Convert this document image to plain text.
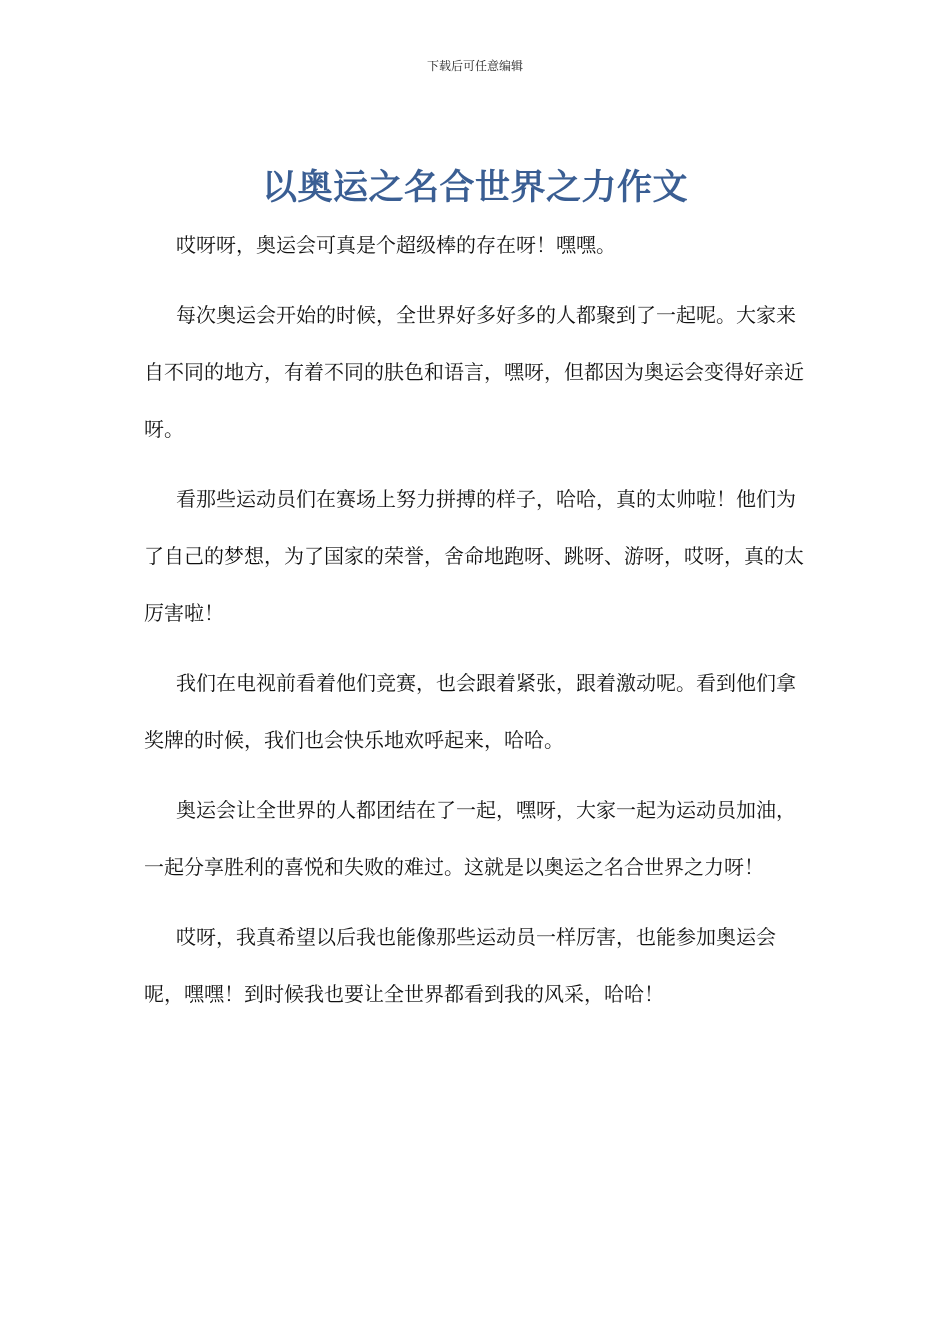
下载后可任意编辑
以奥运之名合世界之力作文

哎呀呀，奥运会可真是个超级棒的存在呀！嘿嘿。

每次奥运会开始的时候，全世界好多好多的人都聚到了一起呢。大家来自不同的地方，有着不同的肤色和语言，嘿呀，但都因为奥运会变得好亲近呀。

看那些运动员们在赛场上努力拼搏的样子，哈哈，真的太帅啦！他们为了自己的梦想，为了国家的荣誉，舍命地跑呀、跳呀、游呀，哎呀，真的太厉害啦！

我们在电视前看着他们竞赛，也会跟着紧张，跟着激动呢。看到他们拿奖牌的时候，我们也会快乐地欢呼起来，哈哈。

奥运会让全世界的人都团结在了一起，嘿呀，大家一起为运动员加油，一起分享胜利的喜悦和失败的难过。这就是以奥运之名合世界之力呀！

哎呀，我真希望以后我也能像那些运动员一样厉害，也能参加奥运会呢，嘿嘿！到时候我也要让全世界都看到我的风采，哈哈！
